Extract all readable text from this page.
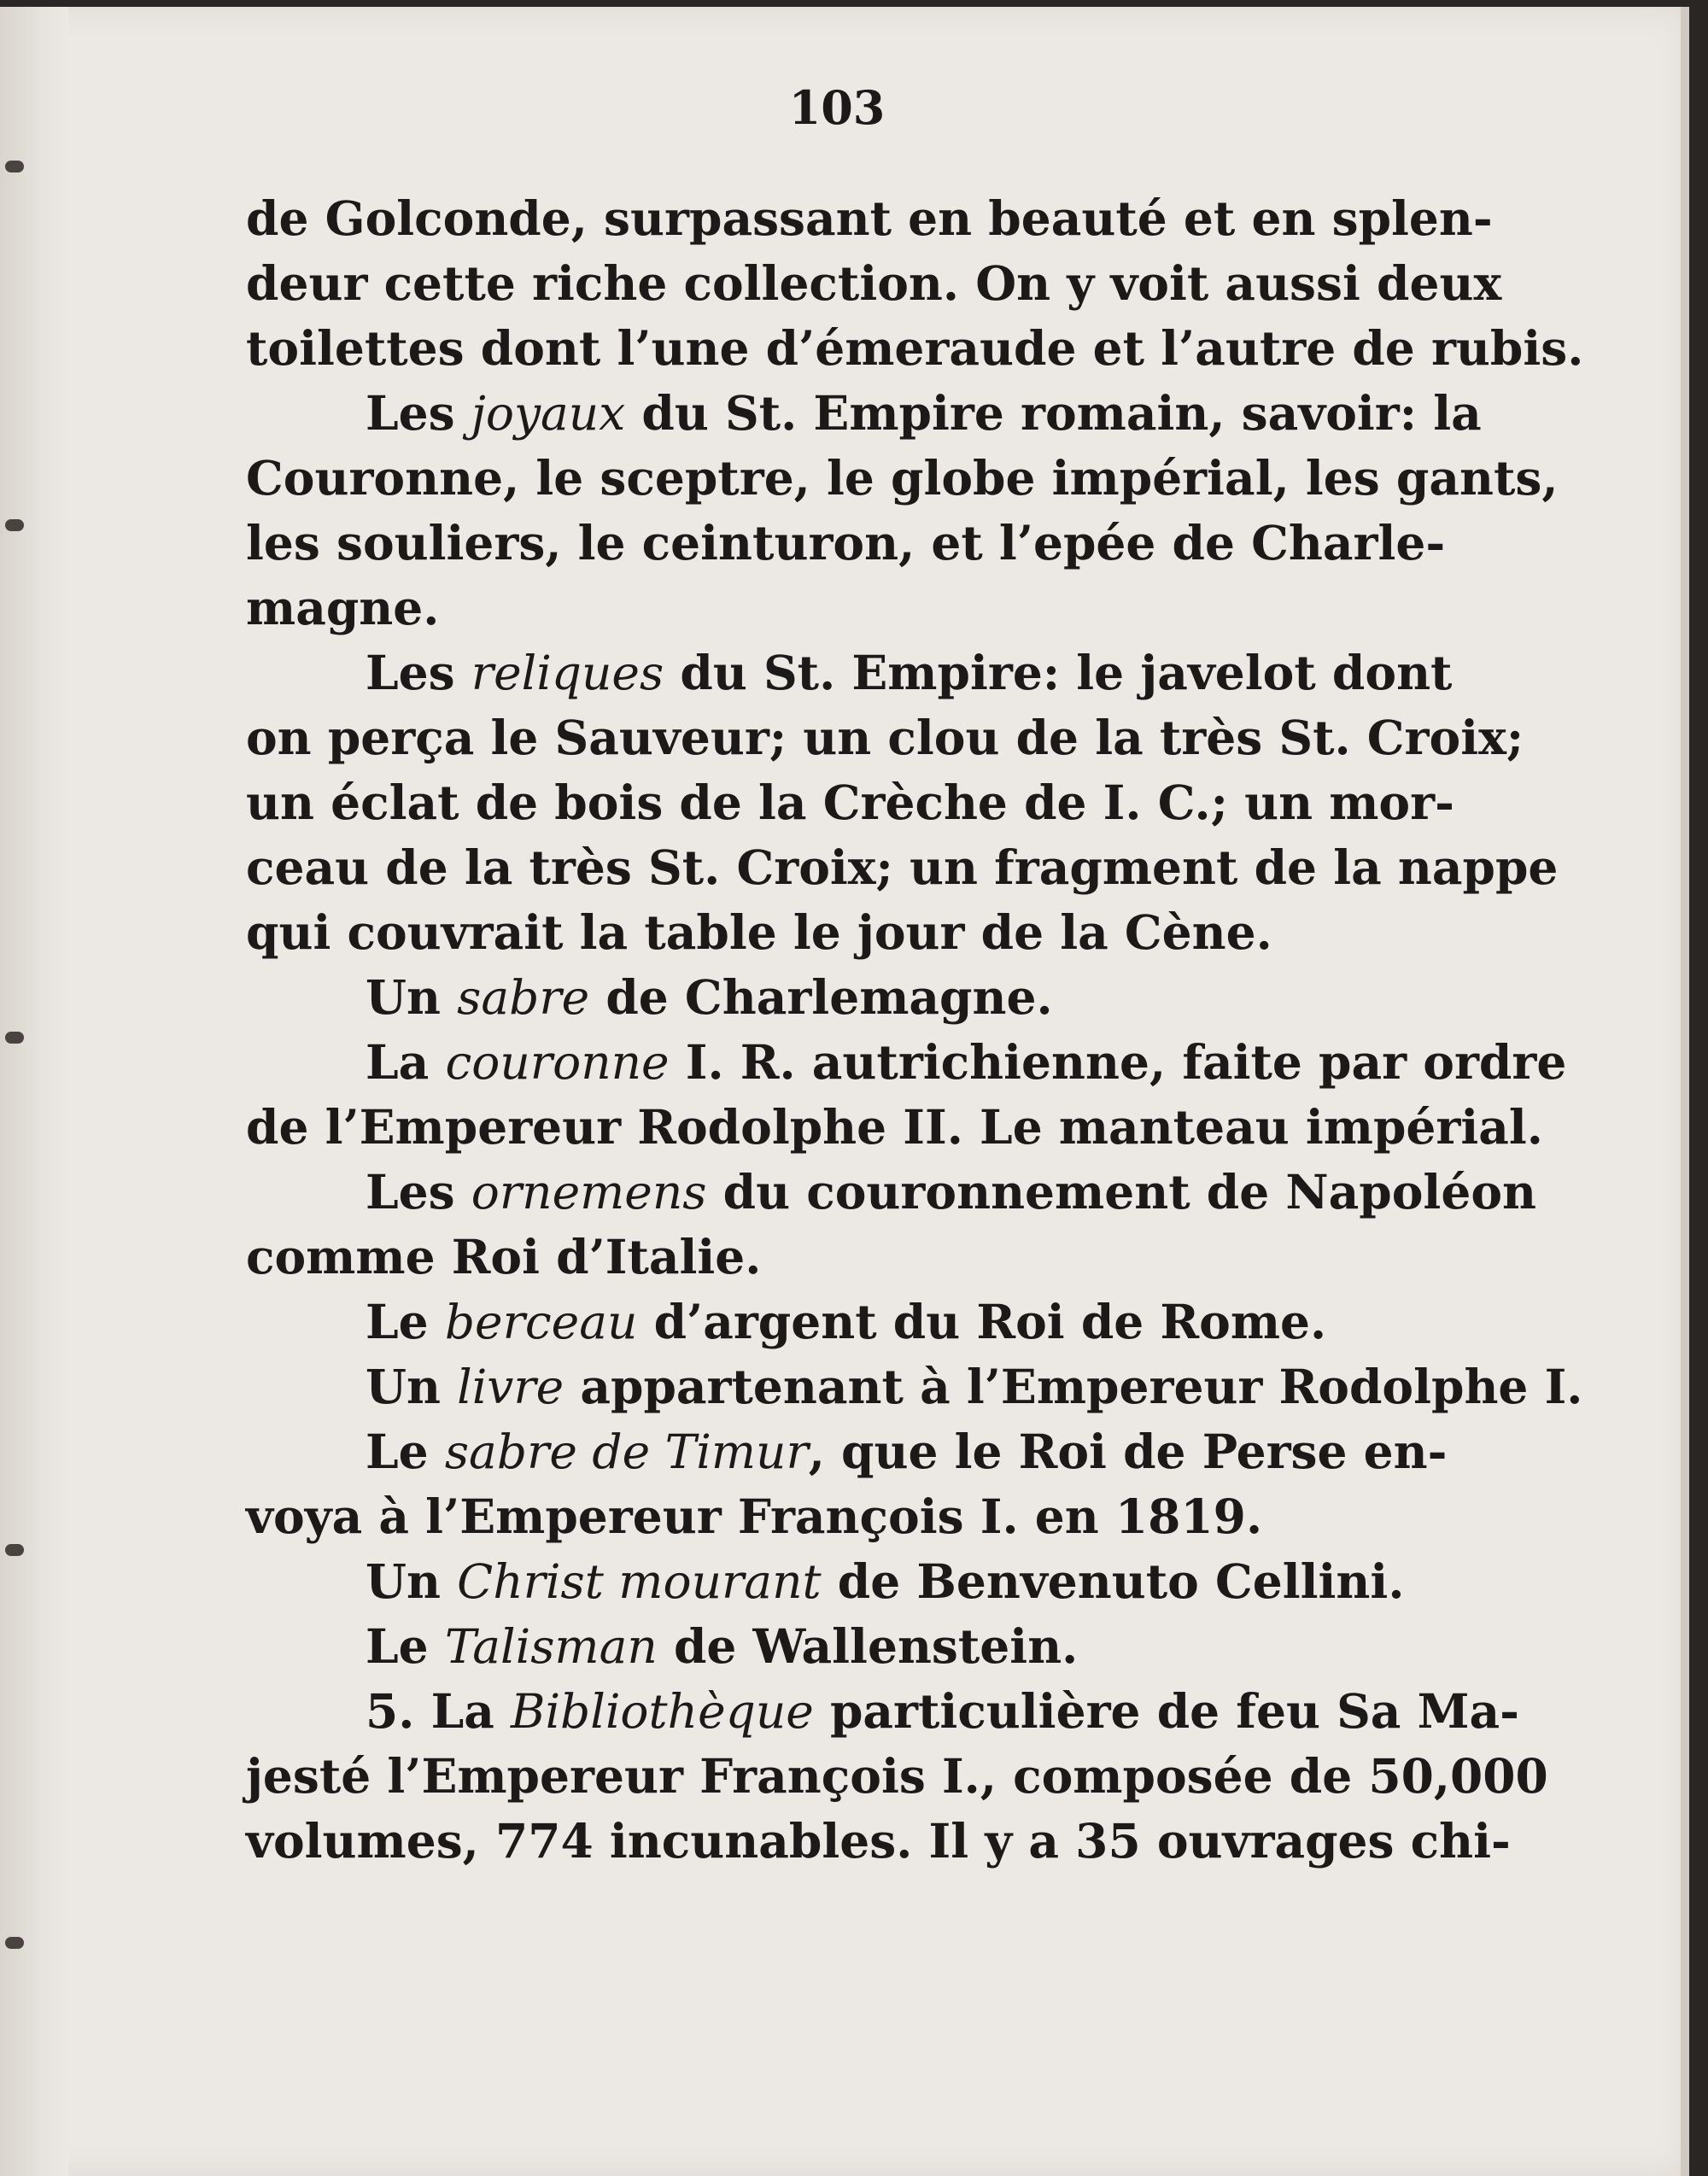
103
de Golconde, surpassant en beauté et en splen-
deur cette riche collection. On y voit aussi deux
toilettes dont l’une d’émeraude et l’autre de rubis.
Les joyaux du St. Empire romain, savoir: la
Couronne, le sceptre, le globe impérial, les gants,
les souliers, le ceinturon, et l’epée de Charle-
magne.
Les reliques du St. Empire: le javelot dont
on perça le Sauveur; un clou de la très St. Croix;
un éclat de bois de la Crèche de I. C.; un mor-
ceau de la très St. Croix; un fragment de la nappe
qui couvrait la table le jour de la Cène.
Un sabre de Charlemagne.
La couronne I. R. autrichienne, faite par ordre
de l’Empereur Rodolphe II. Le manteau impérial.
Les ornemens du couronnement de Napoléon
comme Roi d’Italie.
Le berceau d’argent du Roi de Rome.
Un livre appartenant à l’Empereur Rodolphe I.
Le sabre de Timur, que le Roi de Perse en-
voya à l’Empereur François I. en 1819.
Un Christ mourant de Benvenuto Cellini.
Le Talisman de Wallenstein.
5. La Bibliothèque particulière de feu Sa Ma-
jesté l’Empereur François I., composée de 50,000
volumes, 774 incunables. Il y a 35 ouvrages chi-
